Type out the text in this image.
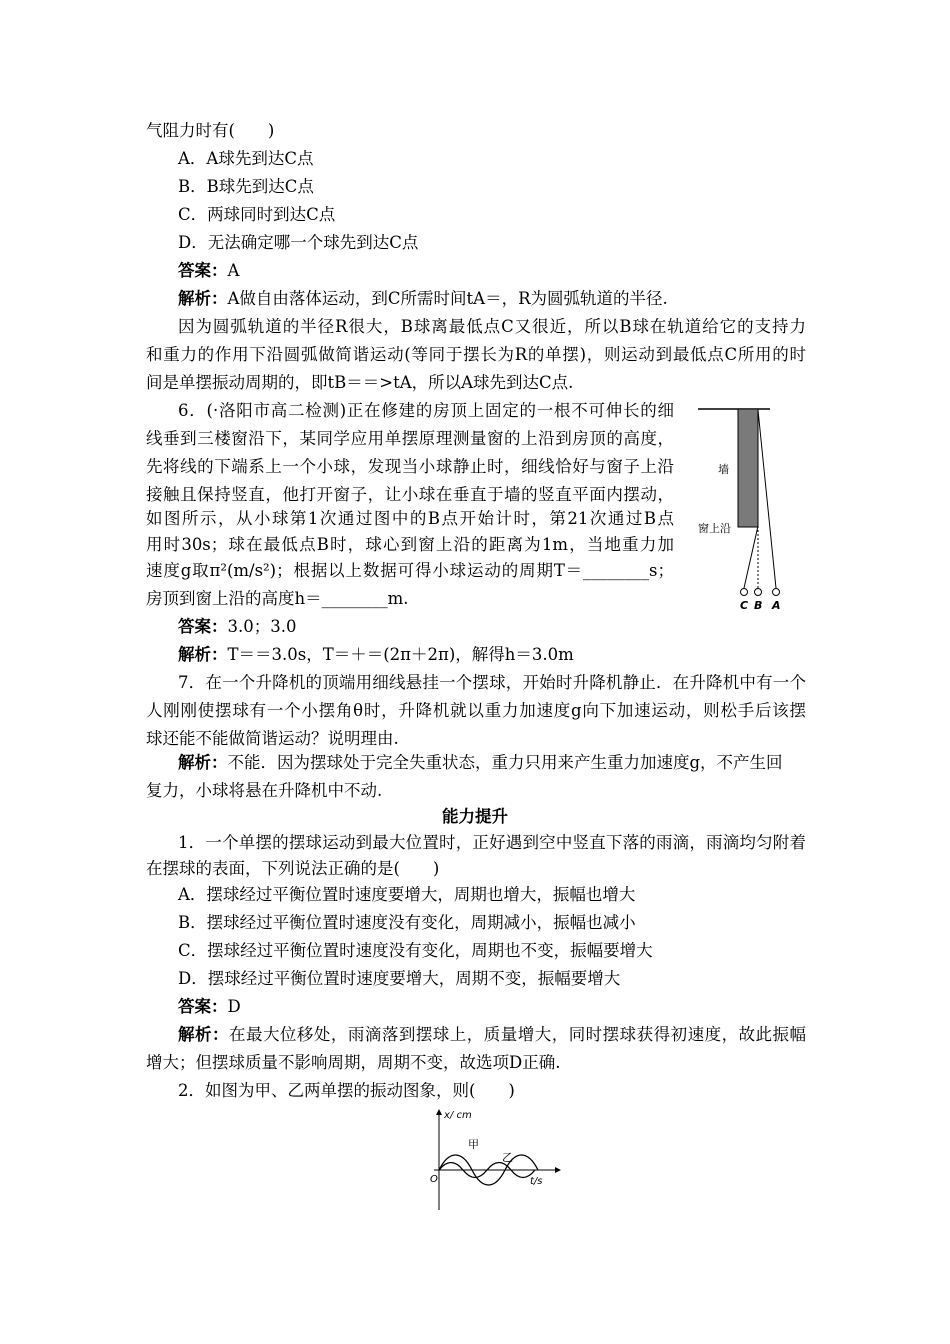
气阻力时有(　　)
A．A球先到达C点
B．B球先到达C点
C．两球同时到达C点
D．无法确定哪一个球先到达C点
答案：A
解析：A做自由落体运动，到C所需时间tA＝，R为圆弧轨道的半径.
因为圆弧轨道的半径R很大，B球离最低点C又很近，所以B球在轨道给它的支持力
和重力的作用下沿圆弧做简谐运动(等同于摆长为R的单摆)，则运动到最低点C所用的时
间是单摆振动周期的，即tB＝＝>tA，所以A球先到达C点.
6．(·洛阳市高二检测)正在修建的房顶上固定的一根不可伸长的细
线垂到三楼窗沿下，某同学应用单摆原理测量窗的上沿到房顶的高度，
先将线的下端系上一个小球，发现当小球静止时，细线恰好与窗子上沿
接触且保持竖直，他打开窗子，让小球在垂直于墙的竖直平面内摆动，
如图所示，从小球第1次通过图中的B点开始计时，第21次通过B点
用时30s；球在最低点B时，球心到窗上沿的距离为1m，当地重力加
速度g取π²(m/s²)；根据以上数据可得小球运动的周期T＝________s；
房顶到窗上沿的高度h＝________m.
墙
窗上沿
C B A
答案：3.0；3.0
解析：T＝＝3.0s，T＝＋＝(2π＋2π)，解得h＝3.0m
7．在一个升降机的顶端用细线悬挂一个摆球，开始时升降机静止．在升降机中有一个
人刚刚使摆球有一个小摆角θ时，升降机就以重力加速度g向下加速运动，则松手后该摆
球还能不能做简谐运动？说明理由.
解析：不能．因为摆球处于完全失重状态，重力只用来产生重力加速度g，不产生回
复力，小球将悬在升降机中不动.
能力提升
1．一个单摆的摆球运动到最大位置时，正好遇到空中竖直下落的雨滴，雨滴均匀附着
在摆球的表面，下列说法正确的是(　　)
A．摆球经过平衡位置时速度要增大，周期也增大，振幅也增大
B．摆球经过平衡位置时速度没有变化，周期减小，振幅也减小
C．摆球经过平衡位置时速度没有变化，周期也不变，振幅要增大
D．摆球经过平衡位置时速度要增大，周期不变，振幅要增大
答案：D
解析：在最大位移处，雨滴落到摆球上，质量增大，同时摆球获得初速度，故此振幅
增大；但摆球质量不影响周期，周期不变，故选项D正确.
2．如图为甲、乙两单摆的振动图象，则(　　)
x/ cm
t/s
O
甲
乙
